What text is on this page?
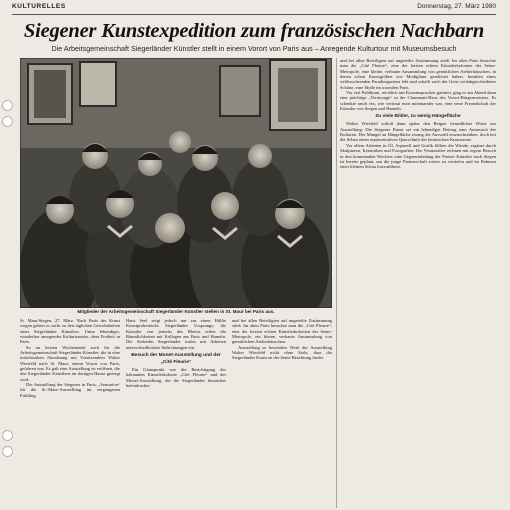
KULTURELLES	Donnerstag, 27. März 1980
Siegener Kunstexpedition zum französischen Nachbarn
Die Arbeitsgemeinschaft Siegerländer Künstler stellt in einem Vorort von Paris aus – Anregende Kulturtour mit Museumsbesuch
Mitglieder der Arbeitsgemeinschaft Siegerländer Künstler stellen in St. Maur bei Paris aus.

St. Maur/Siegen, 27. März. Nach Paris der Kunst wegen gehört es nicht zu den täglichen Gewohnheiten eines Siegerländer Künstlers. Umso lebendiger, wunderbar anregender Kulturtransfer, dem Freiheit in Paris.

So an letzten Wochenende auch für die Arbeitsgemeinschaft Siegerländer Künstler, die in eine mittelstarken Abordnung mit Vorsitzendem Walter Wiesfeld nach St. Maur, einem Vorort von Paris, gefahren war. Es galt eine Ausstellung zu eröffnen, die den Siegerländer Künstlern im dortigen Hause gezeigt wird.

Die Ausstellung der Siegener in Paris, „Sensation“ für die St.-Maur-Ausstellung im vergangenen Frühling.

Haus Seel zeigt jedoch nur zur einen Hälfte Kunstprobestücke Siegerländer Ursprungs; die Künstler von jenseits des Rheins teilen die Räumlichkeiten mit Kollegen aus Paris und Hameln. Die Siebzehn Siegerländer trafen mit Arbeiten unterschiedlichster Stilrichtungen ein.

Besuch der Monet-Ausstellung und der „Cité Fleurie“

Ein Glanzpunkt war die Besichtigung der bekannten Künstlerkolonie „Cité Fleurie“ und der Monet-Ausstellung, die die Siegerländer besonders beeindruckte.

und bei allen Beteiligten auf ungeteilte Zustimmung stieß. Im alten Paris besuchte man die „Cité Fleurie“, eine der letzten echten Künstlerkolonien der Seine-Metropole, ein kleine, verbaute Ansammlung von gemütlichen Atelierhäuschen.

Ausstellung so besonders Werk der Ausstellung Walter Wiesfeld nicht ohne Stolz, dass die Siegerländer Kunst an der Seine Beachtung findet.

und bei allen Beteiligten auf ungeteilte Zustimmung stieß: Im alten Paris besuchte man die „Cité Fleurie“, eine der letzten echten Künstlerkolonien der Seine-Metropole, eine kleine, verbaute Ansammlung von gemütlichen Atelierhäuschen, in denen schon Kunstgrößen wie Modigliani gearbeitet haben. Inmitten eines wildwuchernden Paradiesgartens lebt und schafft auch der Geist weltabgeschiedener Schöne, eine Idylle im tosenden Paris.

Vor viel Publikum, reichlich mit Kurzansprachen garniert, ging es am Abend dann eine prächtige „Vernissage“ in der Charmanti-Haus des Vorort-Bürgermeisters. Es schenkte rasch ein, wie vertraut man miteinander war, eine neue Freundschaft der Künstler von Siegen und Hameln.

Zu viele Bilder, zu wenig Hängefläche

Walter Wiesfeld schloß dann später den Reigen freundlicher Worte zur Ausstellung: Die Siegener Kunst sei ein lebendiger Beitrag zum Austausch der Kulturen. Der Mangel an Hängefläche zwang die Auswahl einzuschränken, doch bot die Schau einen repräsentativen Querschnitt der heimischen Kunstszene.

Vor allem Arbeiten in Öl, Aquarell und Grafik füllten die Wände, ergänzt durch Skulpturen, Keramiken und Fotografien. Die Veranstalter rechnen mit regem Besuch in den kommenden Wochen; eine Gegeneinladung der Pariser Künstler nach Siegen ist bereits geplant, um die junge Partnerschaft weiter zu vertiefen und im Rahmen einer kleinen Schau fortzuführen.
